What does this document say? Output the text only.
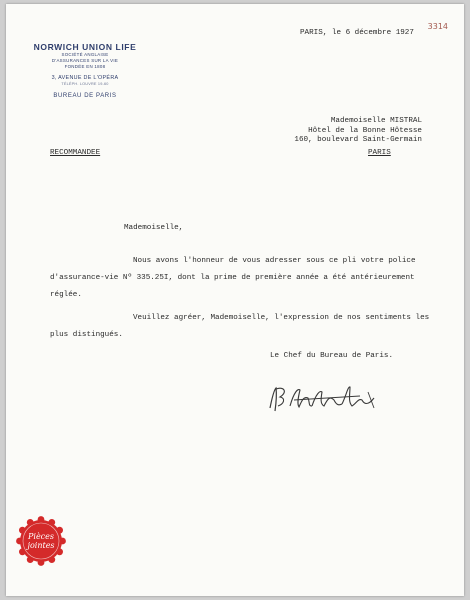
3314
NORWICH UNION LIFE
SOCIÉTÉ ANGLAISE
D'ASSURANCES SUR LA VIE
FONDÉE EN 1808
3, AVENUE DE L'OPÉRA
TÉLÉPH. LOUVRE 19-60
BUREAU DE PARIS
PARIS, le 6 décembre 1927
Mademoiselle MISTRAL
Hôtel de la Bonne Hôtesse
160, boulevard Saint-Germain
RECOMMANDEE	PARIS
Mademoiselle,
Nous avons l'honneur de vous adresser sous ce pli votre police
d'assurance-vie Nº 335.25I, dont la prime de première année a été antérieurement
réglée.
Veuillez agréer, Mademoiselle, l'expression de nos sentiments les
plus distingués.
Le Chef du Bureau de Paris.
Pièces
jointes
